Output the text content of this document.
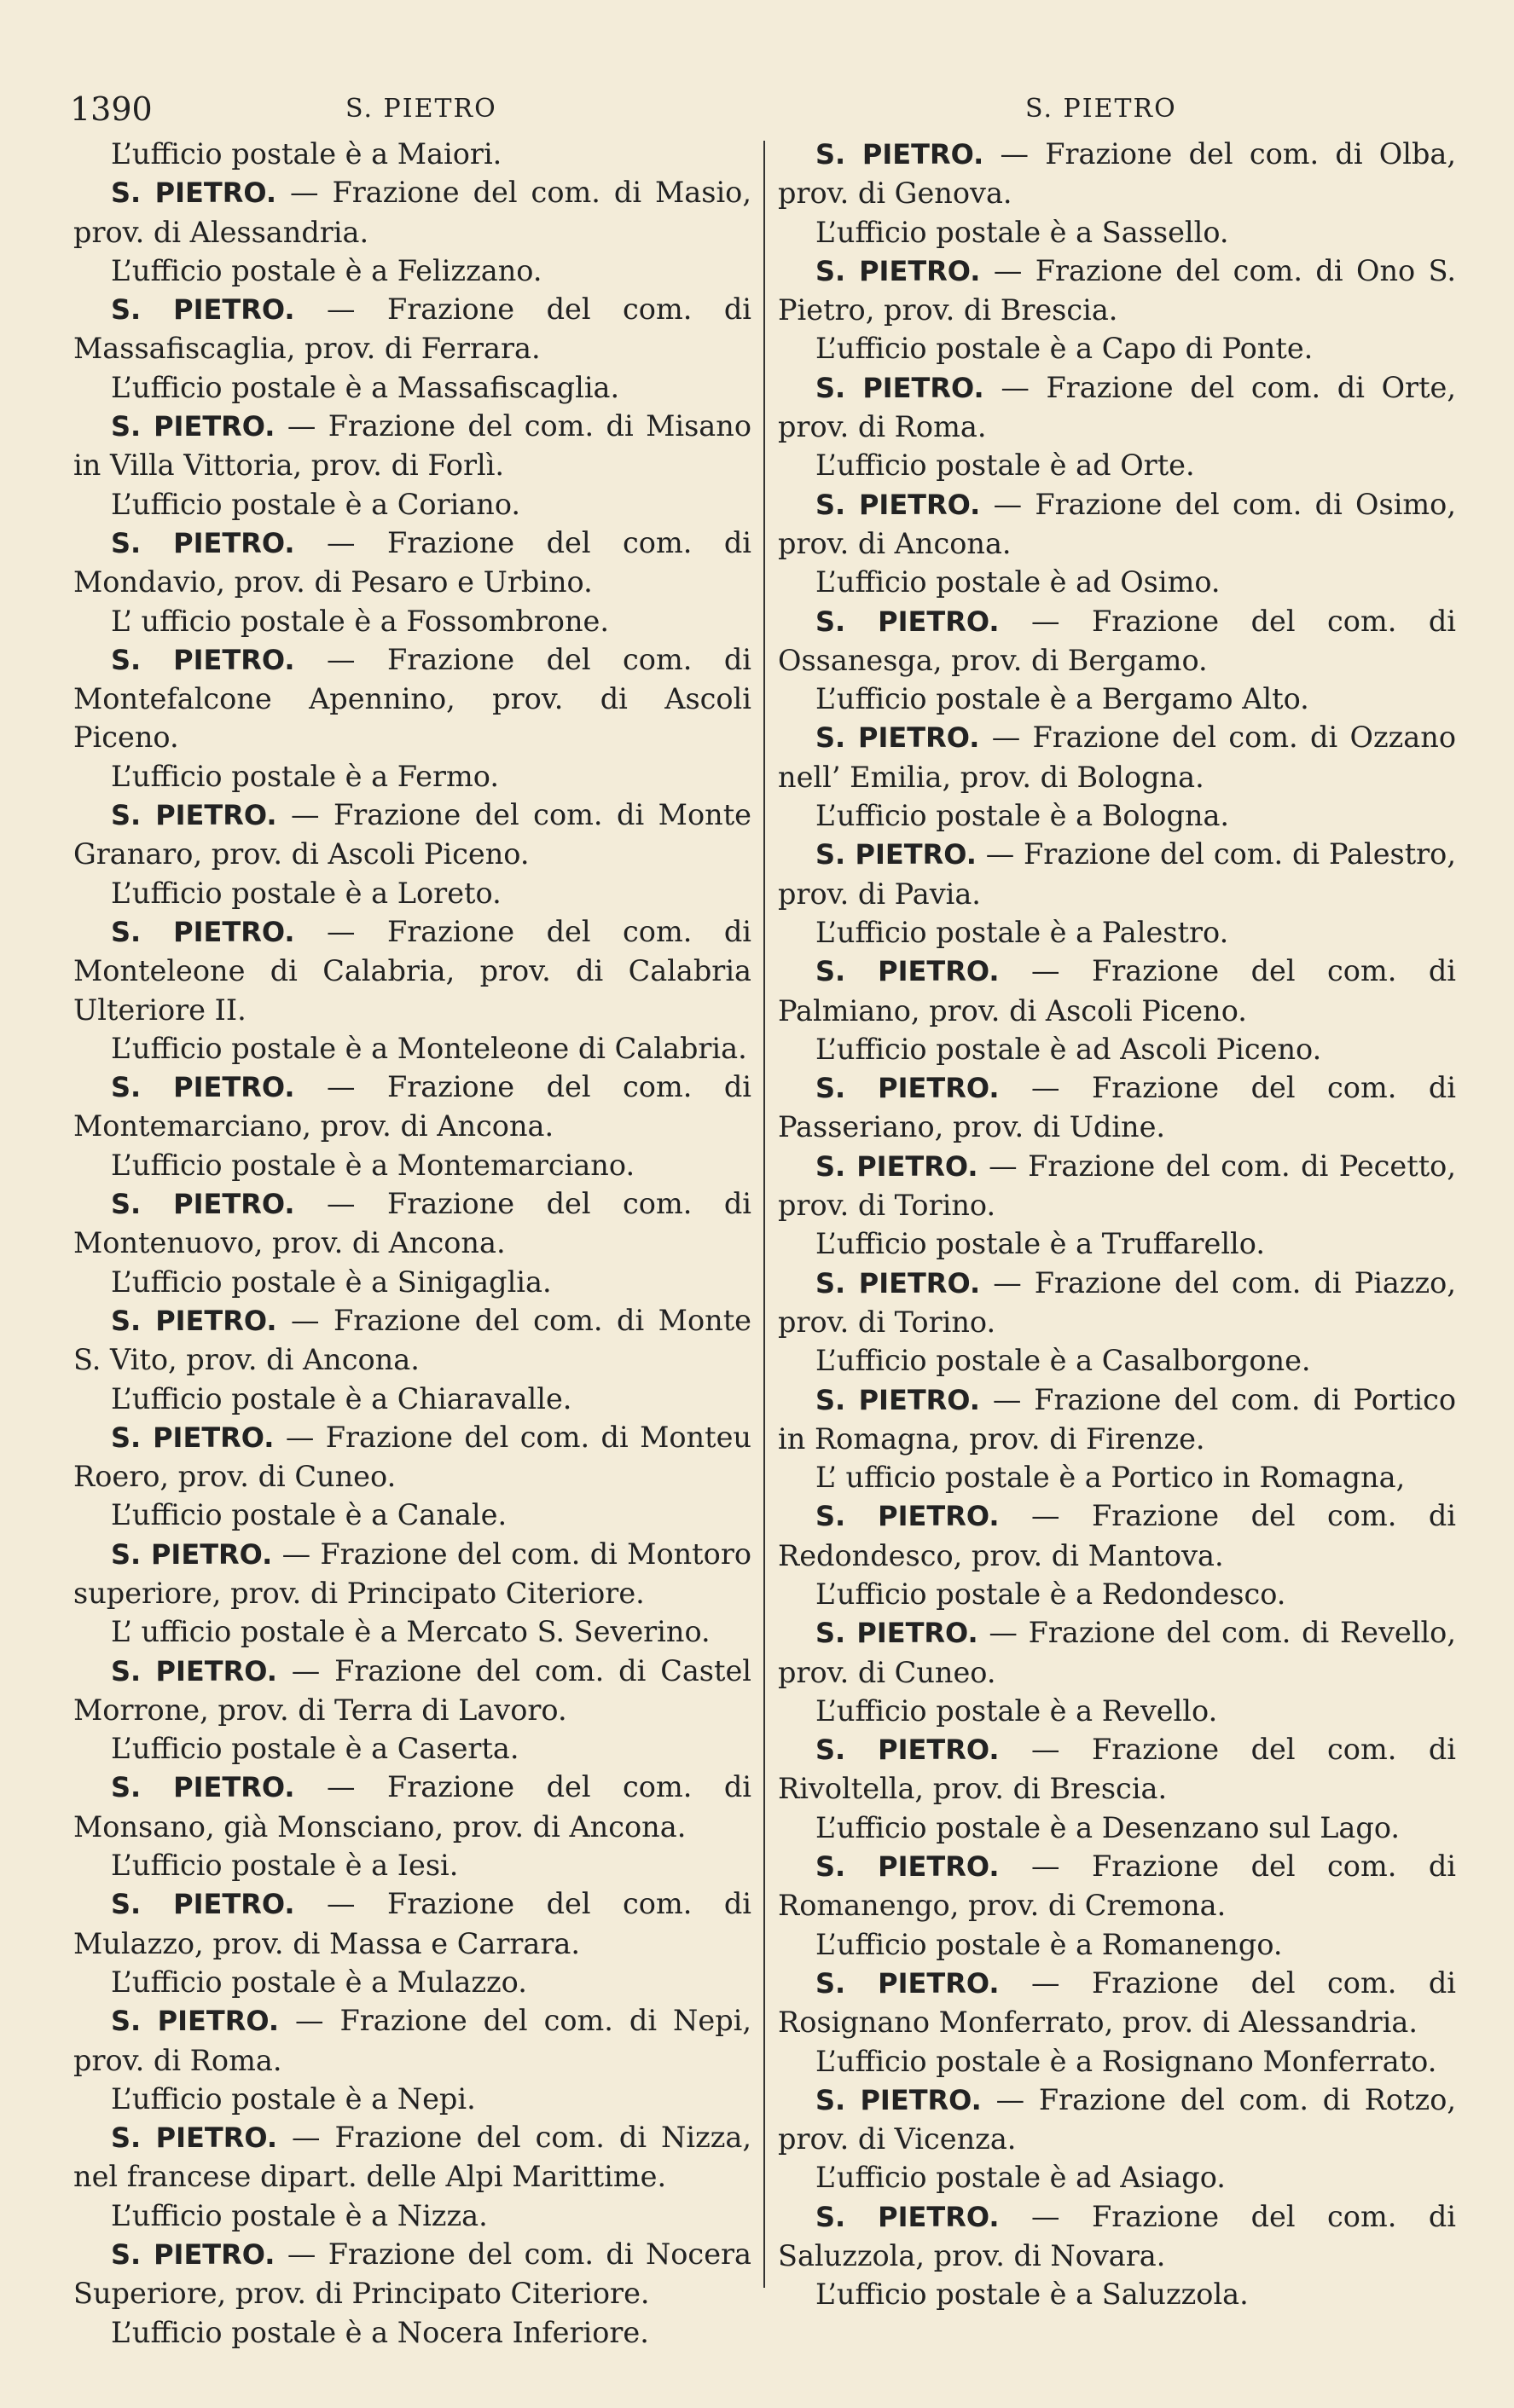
1390	S. PIETRO	S. PIETRO
L’ufficio postale è a Maiori.
S. PIETRO. — Frazione del com. di Masio, prov. di Alessandria.
L’ufficio postale è a Felizzano.
S. PIETRO. — Frazione del com. di Massafiscaglia, prov. di Ferrara.
L’ufficio postale è a Massafiscaglia.
S. PIETRO. — Frazione del com. di Misano in Villa Vittoria, prov. di Forlì.
L’ufficio postale è a Coriano.
S. PIETRO. — Frazione del com. di Mondavio, prov. di Pesaro e Urbino.
L’ ufficio postale è a Fossombrone.
S. PIETRO. — Frazione del com. di Montefalcone Apennino, prov. di Ascoli Piceno.
L’ufficio postale è a Fermo.
S. PIETRO. — Frazione del com. di Monte Granaro, prov. di Ascoli Piceno.
L’ufficio postale è a Loreto.
S. PIETRO. — Frazione del com. di Monteleone di Calabria, prov. di Calabria Ulteriore II.
L’ufficio postale è a Monteleone di Calabria.
S. PIETRO. — Frazione del com. di Montemarciano, prov. di Ancona.
L’ufficio postale è a Montemarciano.
S. PIETRO. — Frazione del com. di Montenuovo, prov. di Ancona.
L’ufficio postale è a Sinigaglia.
S. PIETRO. — Frazione del com. di Monte S. Vito, prov. di Ancona.
L’ufficio postale è a Chiaravalle.
S. PIETRO. — Frazione del com. di Monteu Roero, prov. di Cuneo.
L’ufficio postale è a Canale.
S. PIETRO. — Frazione del com. di Montoro superiore, prov. di Principato Citeriore.
L’ ufficio postale è a Mercato S. Severino.
S. PIETRO. — Frazione del com. di Castel Morrone, prov. di Terra di Lavoro.
L’ufficio postale è a Caserta.
S. PIETRO. — Frazione del com. di Monsano, già Monsciano, prov. di Ancona.
L’ufficio postale è a Iesi.
S. PIETRO. — Frazione del com. di Mulazzo, prov. di Massa e Carrara.
L’ufficio postale è a Mulazzo.
S. PIETRO. — Frazione del com. di Nepi, prov. di Roma.
L’ufficio postale è a Nepi.
S. PIETRO. — Frazione del com. di Nizza, nel francese dipart. delle Alpi Marittime.
L’ufficio postale è a Nizza.
S. PIETRO. — Frazione del com. di Nocera Superiore, prov. di Principato Citeriore.
L’ufficio postale è a Nocera Inferiore.
S. PIETRO. — Frazione del com. di Olba, prov. di Genova.
L’ufficio postale è a Sassello.
S. PIETRO. — Frazione del com. di Ono S. Pietro, prov. di Brescia.
L’ufficio postale è a Capo di Ponte.
S. PIETRO. — Frazione del com. di Orte, prov. di Roma.
L’ufficio postale è ad Orte.
S. PIETRO. — Frazione del com. di Osimo, prov. di Ancona.
L’ufficio postale è ad Osimo.
S. PIETRO. — Frazione del com. di Ossanesga, prov. di Bergamo.
L’ufficio postale è a Bergamo Alto.
S. PIETRO. — Frazione del com. di Ozzano nell’ Emilia, prov. di Bologna.
L’ufficio postale è a Bologna.
S. PIETRO. — Frazione del com. di Palestro, prov. di Pavia.
L’ufficio postale è a Palestro.
S. PIETRO. — Frazione del com. di Palmiano, prov. di Ascoli Piceno.
L’ufficio postale è ad Ascoli Piceno.
S. PIETRO. — Frazione del com. di Passeriano, prov. di Udine.
S. PIETRO. — Frazione del com. di Pecetto, prov. di Torino.
L’ufficio postale è a Truffarello.
S. PIETRO. — Frazione del com. di Piazzo, prov. di Torino.
L’ufficio postale è a Casalborgone.
S. PIETRO. — Frazione del com. di Portico in Romagna, prov. di Firenze.
L’ ufficio postale è a Portico in Romagna,
S. PIETRO. — Frazione del com. di Redondesco, prov. di Mantova.
L’ufficio postale è a Redondesco.
S. PIETRO. — Frazione del com. di Revello, prov. di Cuneo.
L’ufficio postale è a Revello.
S. PIETRO. — Frazione del com. di Rivoltella, prov. di Brescia.
L’ufficio postale è a Desenzano sul Lago.
S. PIETRO. — Frazione del com. di Romanengo, prov. di Cremona.
L’ufficio postale è a Romanengo.
S. PIETRO. — Frazione del com. di Rosignano Monferrato, prov. di Alessandria.
L’ufficio postale è a Rosignano Monferrato.
S. PIETRO. — Frazione del com. di Rotzo, prov. di Vicenza.
L’ufficio postale è ad Asiago.
S. PIETRO. — Frazione del com. di Saluzzola, prov. di Novara.
L’ufficio postale è a Saluzzola.
